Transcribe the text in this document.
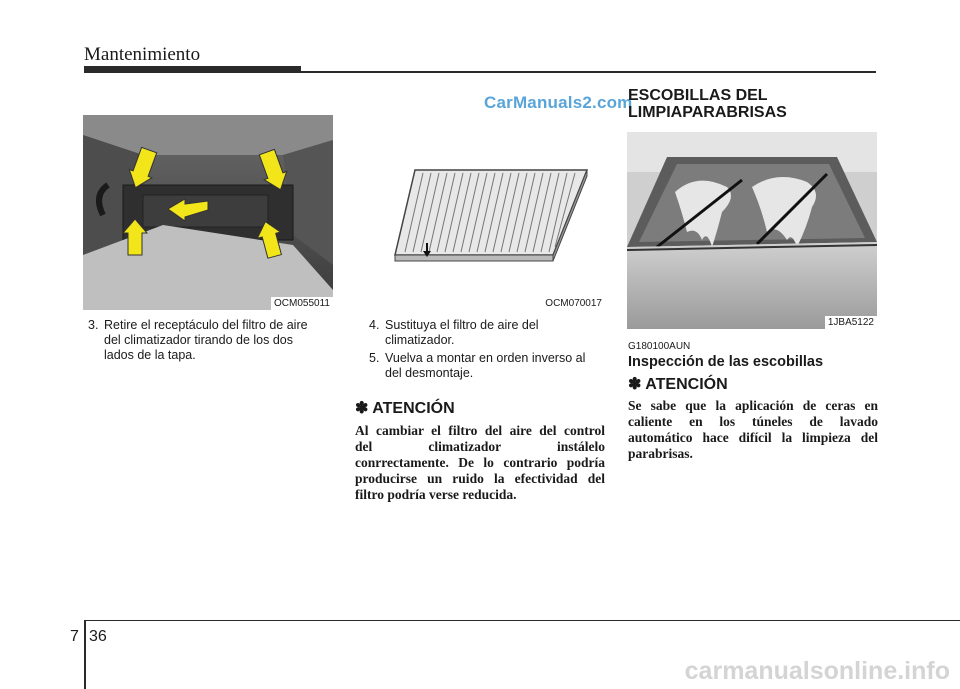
Mantenimiento
CarManuals2.com
OCM055011
3. Retire el receptáculo del filtro de aire
del climatizador tirando de los dos
lados de la tapa.
OCM070017
4. Sustituya el filtro de aire del
climatizador.
5. Vuelva a montar en orden inverso al
del desmontaje.
✽ ATENCIÓN
Al cambiar el filtro del aire del control
del climatizador instálelo
conrrectamente. De lo contrario podría
producirse un ruido la efectividad del
filtro podría verse reducida.
ESCOBILLAS DEL
LIMPIAPARABRISAS
1JBA5122
G180100AUN
Inspección de las escobillas
✽ ATENCIÓN
Se sabe que la aplicación de ceras en
caliente en los túneles de lavado
automático hace difícil la limpieza del
parabrisas.
7 36
carmanualsonline.info
